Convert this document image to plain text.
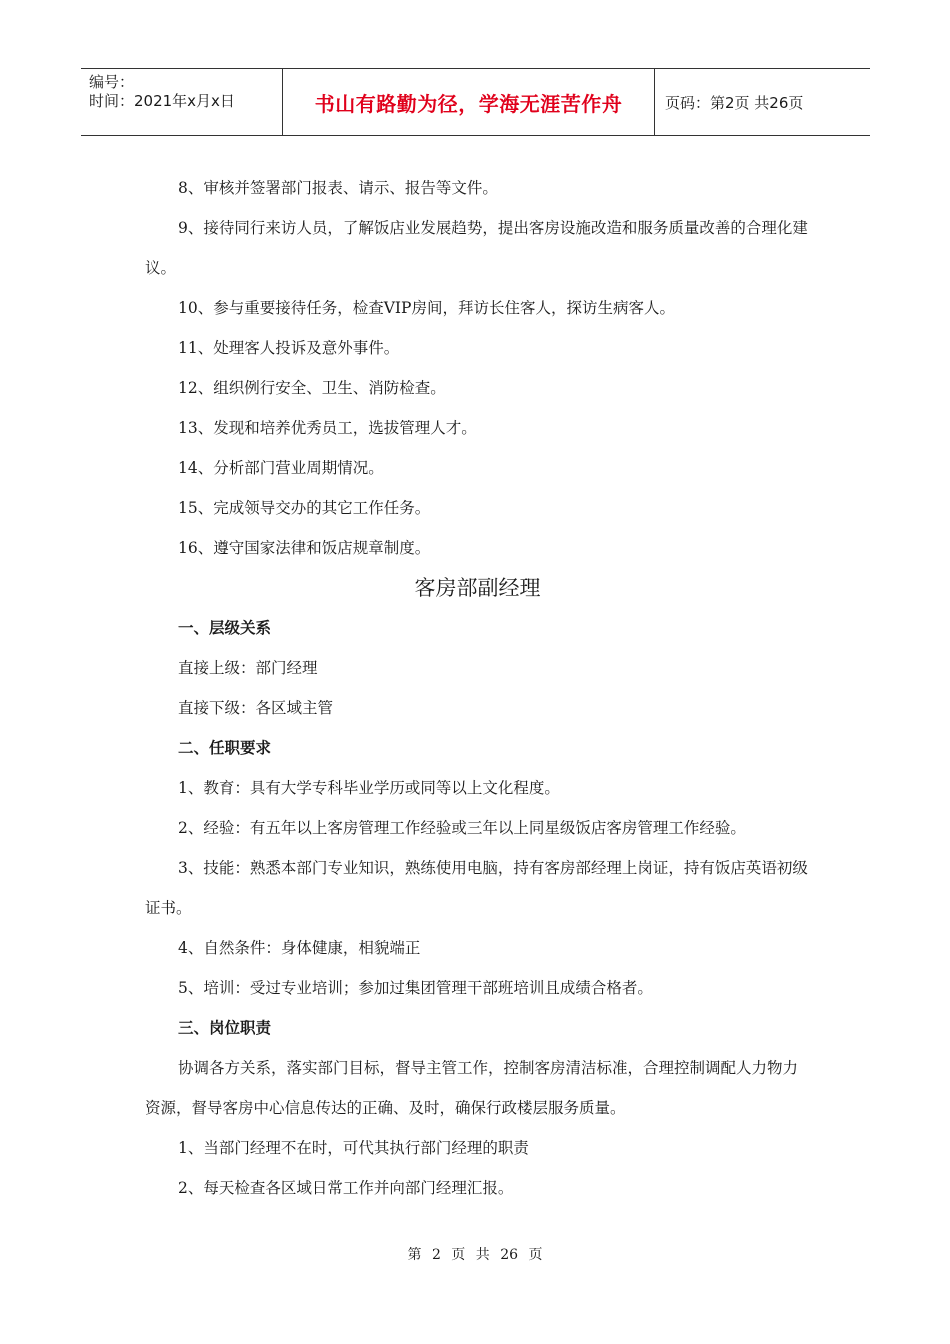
编号：
时间：2021年x月x日	书山有路勤为径，学海无涯苦作舟	页码：第2页 共26页

8、审核并签署部门报表、请示、报告等文件。

9、接待同行来访人员，了解饭店业发展趋势，提出客房设施改造和服务质量改善的合理化建议。

10、参与重要接待任务，检查VIP房间，拜访长住客人，探访生病客人。

11、处理客人投诉及意外事件。

12、组织例行安全、卫生、消防检查。

13、发现和培养优秀员工，选拔管理人才。

14、分析部门营业周期情况。

15、完成领导交办的其它工作任务。

16、遵守国家法律和饭店规章制度。

客房部副经理

一、层级关系

直接上级：部门经理

直接下级：各区域主管

二、任职要求

1、教育：具有大学专科毕业学历或同等以上文化程度。

2、经验：有五年以上客房管理工作经验或三年以上同星级饭店客房管理工作经验。

3、技能：熟悉本部门专业知识，熟练使用电脑，持有客房部经理上岗证，持有饭店英语初级证书。

4、自然条件：身体健康，相貌端正

5、培训：受过专业培训；参加过集团管理干部班培训且成绩合格者。

三、岗位职责

协调各方关系，落实部门目标，督导主管工作，控制客房清洁标准，合理控制调配人力物力资源，督导客房中心信息传达的正确、及时，确保行政楼层服务质量。

1、当部门经理不在时，可代其执行部门经理的职责

2、每天检查各区域日常工作并向部门经理汇报。

第 2 页 共 26 页
